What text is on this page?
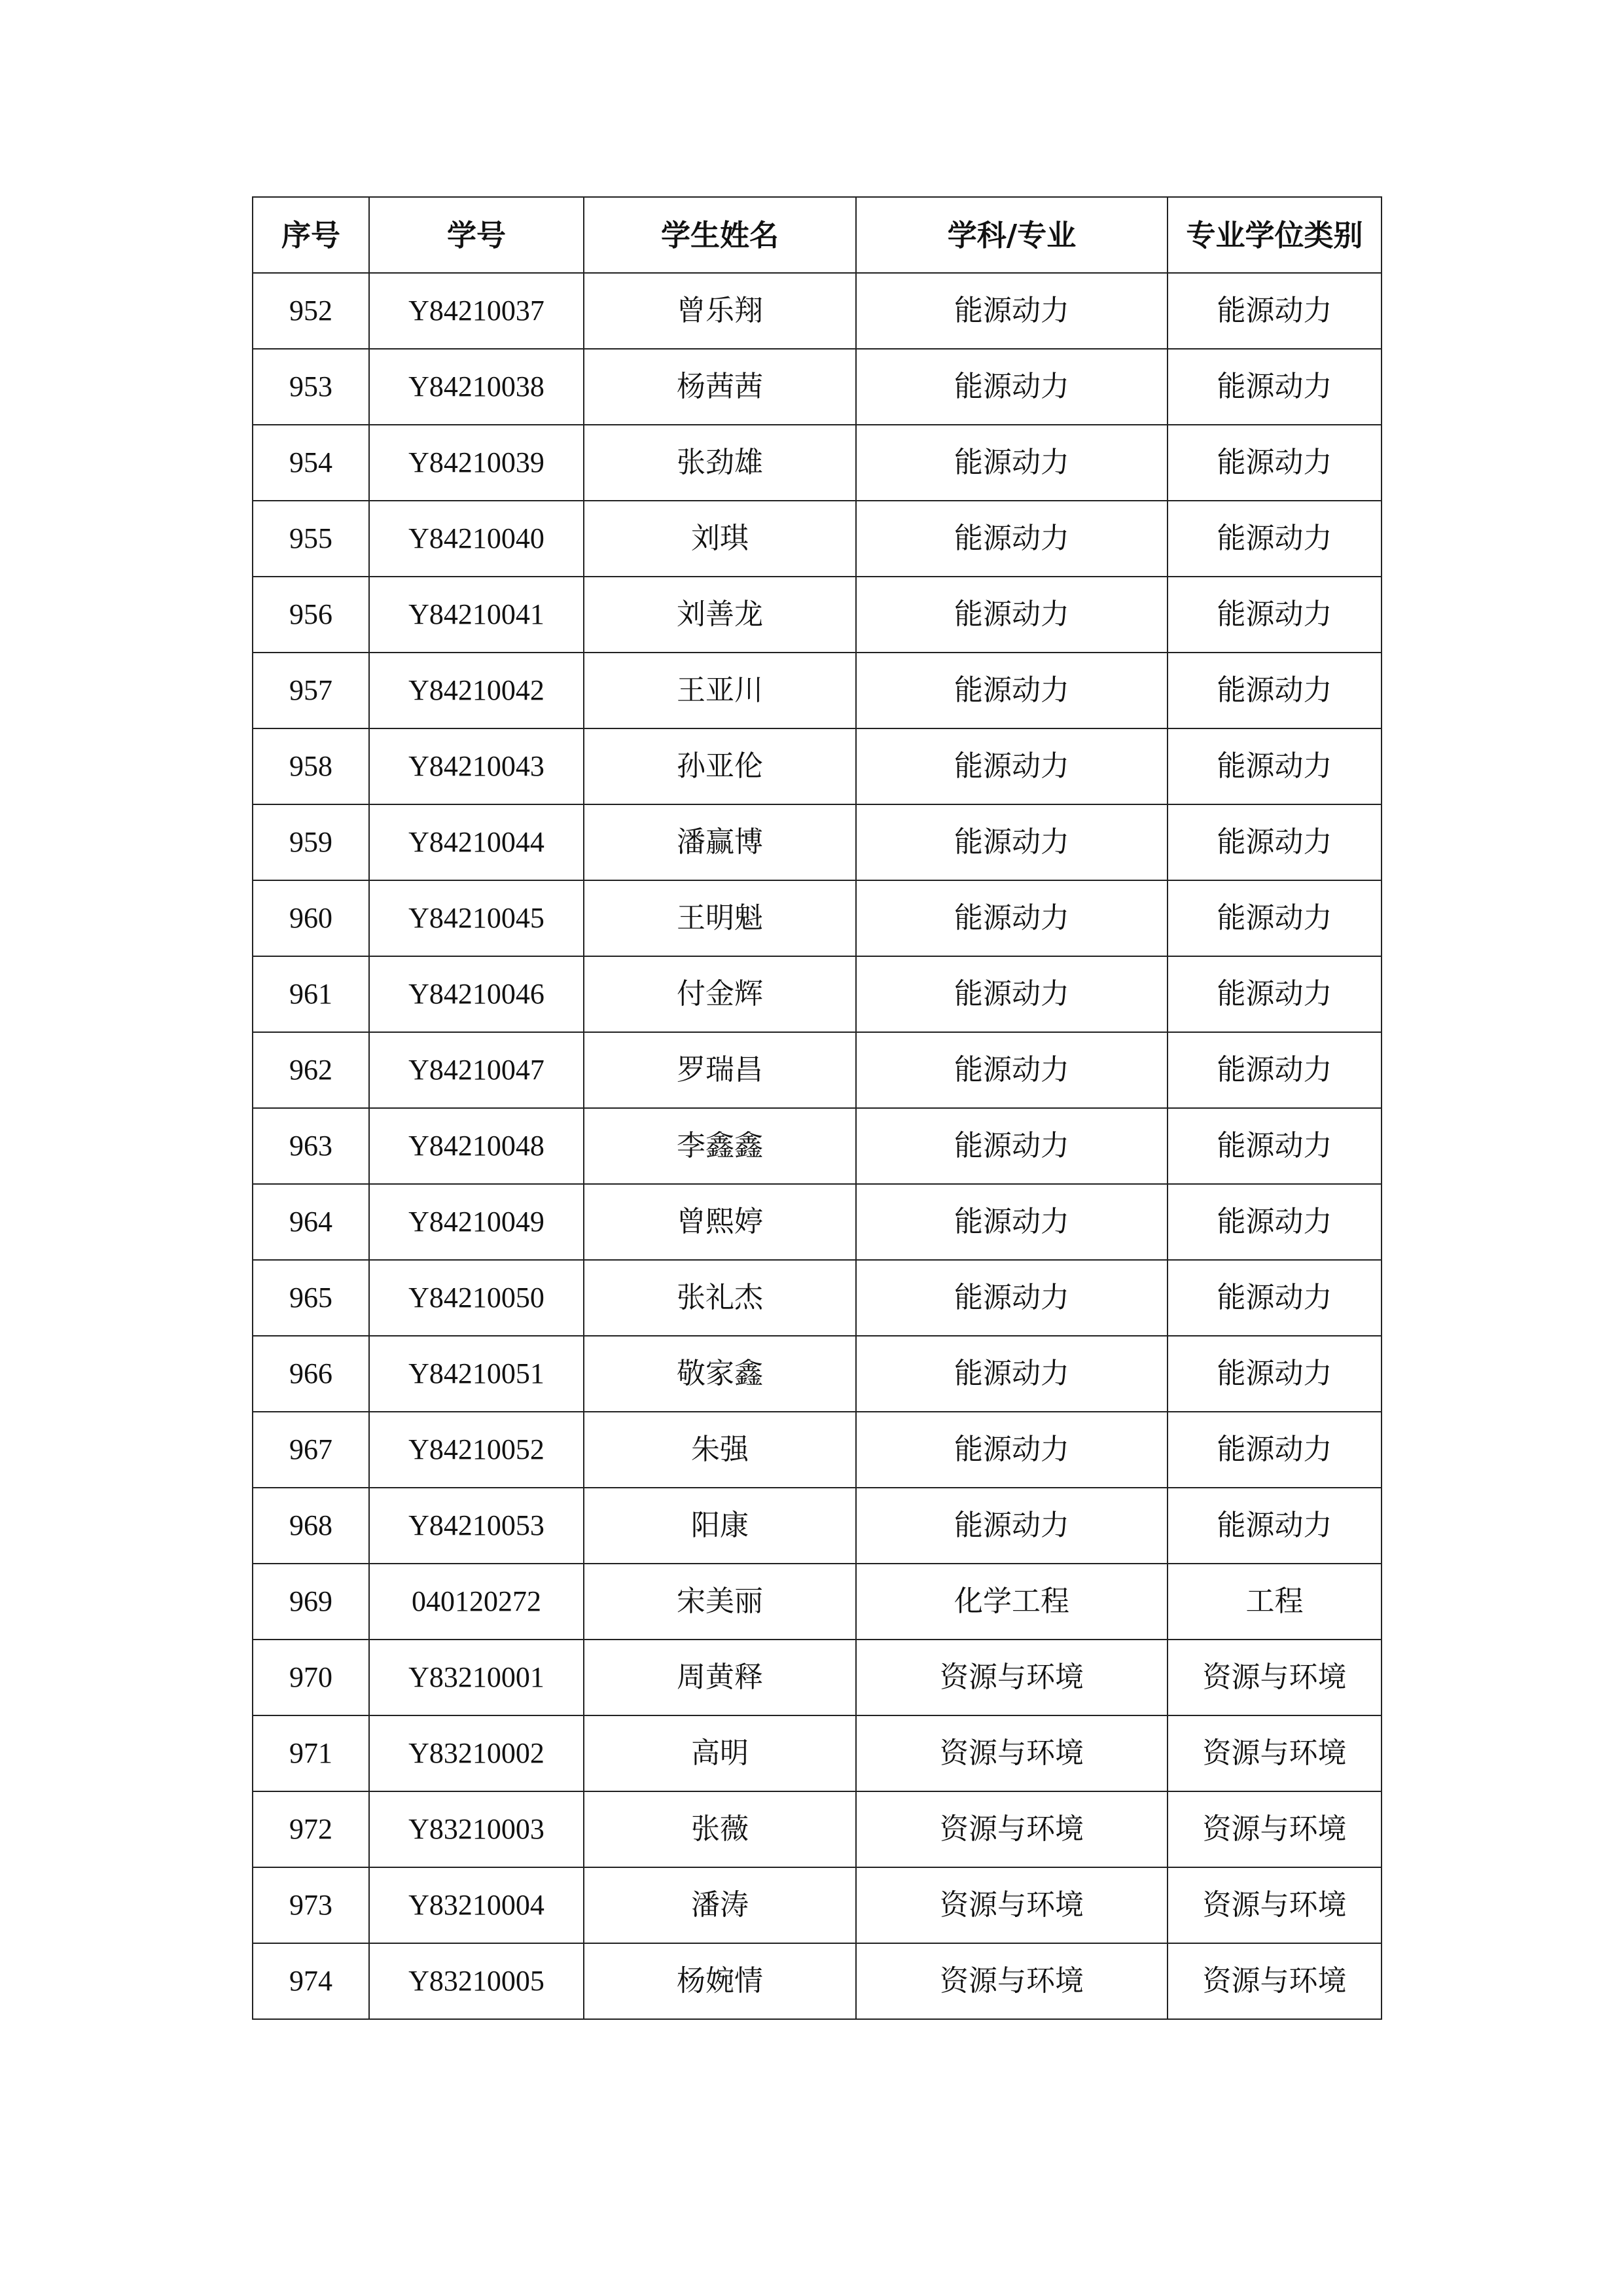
序号	学号	学生姓名	学科/专业	专业学位类别
952	Y84210037	曾乐翔	能源动力	能源动力
953	Y84210038	杨茜茜	能源动力	能源动力
954	Y84210039	张劲雄	能源动力	能源动力
955	Y84210040	刘琪	能源动力	能源动力
956	Y84210041	刘善龙	能源动力	能源动力
957	Y84210042	王亚川	能源动力	能源动力
958	Y84210043	孙亚伦	能源动力	能源动力
959	Y84210044	潘赢博	能源动力	能源动力
960	Y84210045	王明魁	能源动力	能源动力
961	Y84210046	付金辉	能源动力	能源动力
962	Y84210047	罗瑞昌	能源动力	能源动力
963	Y84210048	李鑫鑫	能源动力	能源动力
964	Y84210049	曾熙婷	能源动力	能源动力
965	Y84210050	张礼杰	能源动力	能源动力
966	Y84210051	敬家鑫	能源动力	能源动力
967	Y84210052	朱强	能源动力	能源动力
968	Y84210053	阳康	能源动力	能源动力
969	040120272	宋美丽	化学工程	工程
970	Y83210001	周黄释	资源与环境	资源与环境
971	Y83210002	高明	资源与环境	资源与环境
972	Y83210003	张薇	资源与环境	资源与环境
973	Y83210004	潘涛	资源与环境	资源与环境
974	Y83210005	杨婉情	资源与环境	资源与环境
